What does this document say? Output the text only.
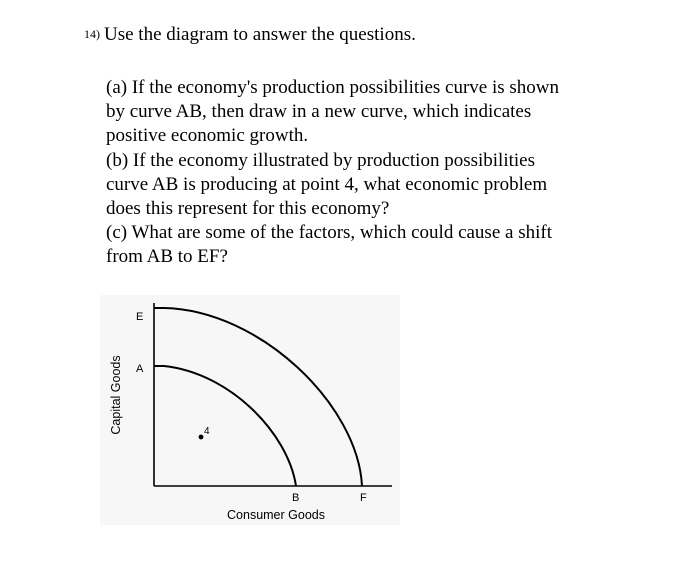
14) Use the diagram to answer the questions.
(a) If the economy's production possibilities curve is shown
by curve AB, then draw in a new curve, which indicates
positive economic growth.
(b) If the economy illustrated by production possibilities
curve AB is producing at point 4, what economic problem
does this represent for this economy?
(c) What are some of the factors, which could cause a shift
from AB to EF?
E
A
B	F
4
Capital Goods
Consumer Goods
